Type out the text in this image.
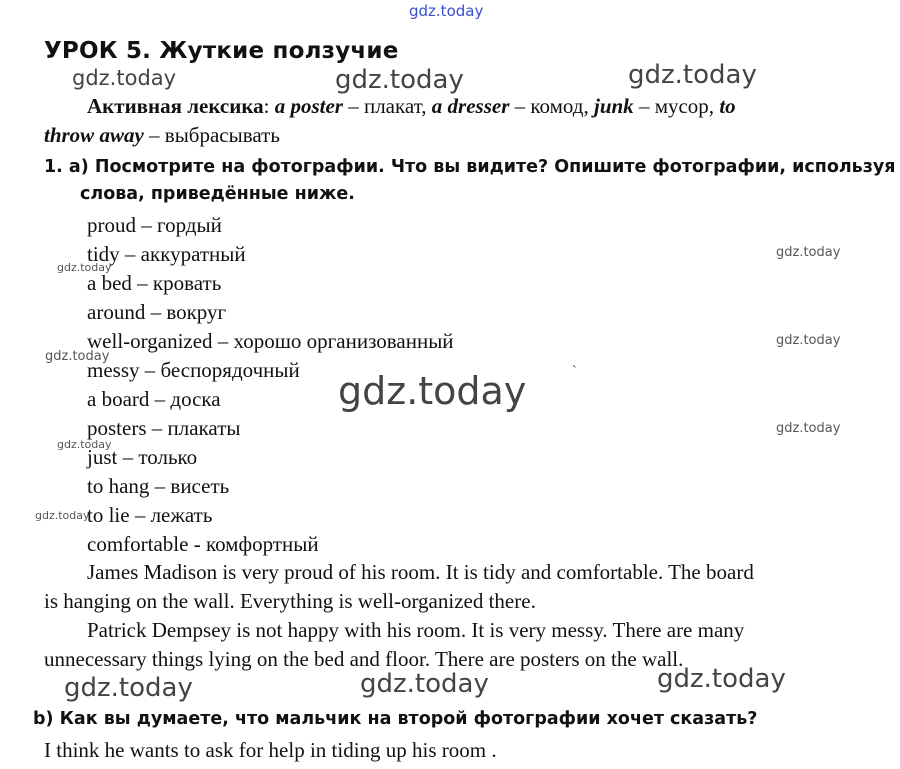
gdz.today
gdz.today	gdz.today	gdz.today
gdz.today
gdz.today
gdz.today
gdz.today
gdz.today
gdz.today
gdz.today
gdz.today
gdz.today	gdz.today	gdz.today
`
УРОК 5. Жуткие ползучие
Активная лексика: a poster – плакат, a dresser – комод, junk – мусор, to
throw away – выбрасывать
1. а) Посмотрите на фотографии. Что вы видите? Опишите фотографии, используя
слова, приведённые ниже.
proud – гордый
tidy – аккуратный
a bed – кровать
around – вокруг
well-organized – хорошо организованный
messy – беспорядочный
a board – доска
posters – плакаты
just – только
to hang – висеть
to lie – лежать
comfortable - комфортный
James Madison is very proud of his room. It is tidy and comfortable. The board
is hanging on the wall. Everything is well-organized there.
Patrick Dempsey is not happy with his room. It is very messy. There are many
unnecessary things lying on the bed and floor. There are posters on the wall.
b) Как вы думаете, что мальчик на второй фотографии хочет сказать?
I think he wants to ask for help in tiding up his room .
